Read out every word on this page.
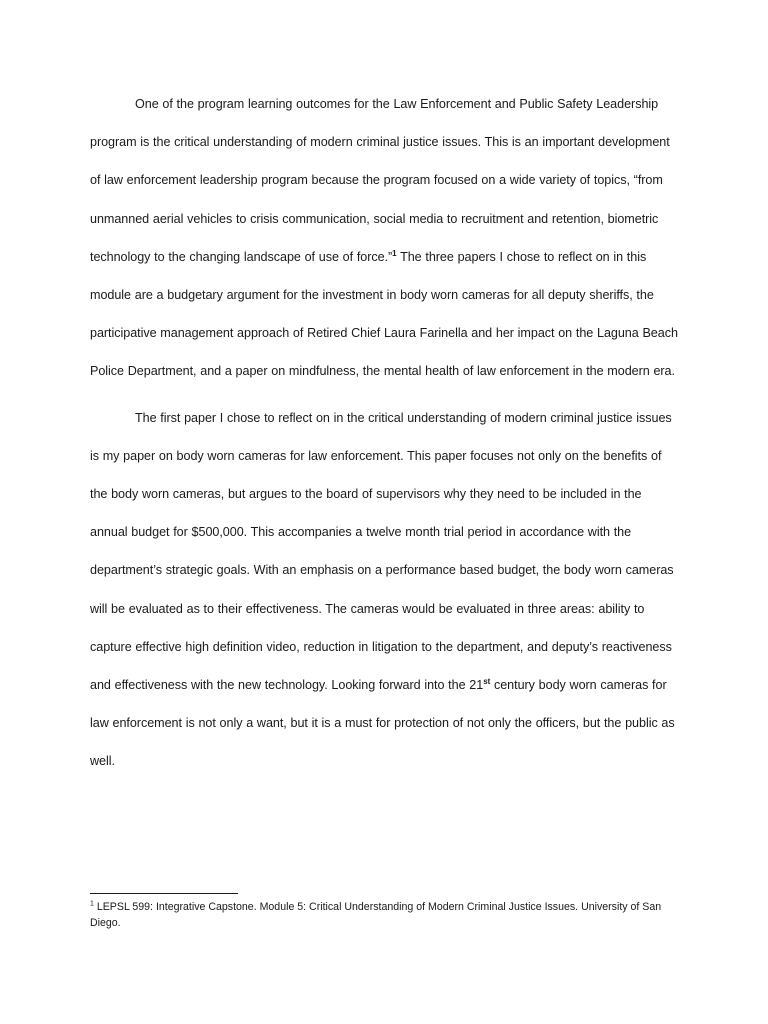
One of the program learning outcomes for the Law Enforcement and Public Safety Leadership program is the critical understanding of modern criminal justice issues. This is an important development of law enforcement leadership program because the program focused on a wide variety of topics, “from unmanned aerial vehicles to crisis communication, social media to recruitment and retention, biometric technology to the changing landscape of use of force.”$^1$ The three papers I chose to reflect on in this module are a budgetary argument for the investment in body worn cameras for all deputy sheriffs, the participative management approach of Retired Chief Laura Farinella and her impact on the Laguna Beach Police Department, and a paper on mindfulness, the mental health of law enforcement in the modern era.

The first paper I chose to reflect on in the critical understanding of modern criminal justice issues is my paper on body worn cameras for law enforcement. This paper focuses not only on the benefits of the body worn cameras, but argues to the board of supervisors why they need to be included in the annual budget for $500,000. This accompanies a twelve month trial period in accordance with the department’s strategic goals. With an emphasis on a performance based budget, the body worn cameras will be evaluated as to their effectiveness. The cameras would be evaluated in three areas: ability to capture effective high definition video, reduction in litigation to the department, and deputy’s reactiveness and effectiveness with the new technology. Looking forward into the 21st century body worn cameras for law enforcement is not only a want, but it is a must for protection of not only the officers, but the public as well.

$^1$ LEPSL 599: Integrative Capstone. Module 5: Critical Understanding of Modern Criminal Justice Issues. University of San Diego.
